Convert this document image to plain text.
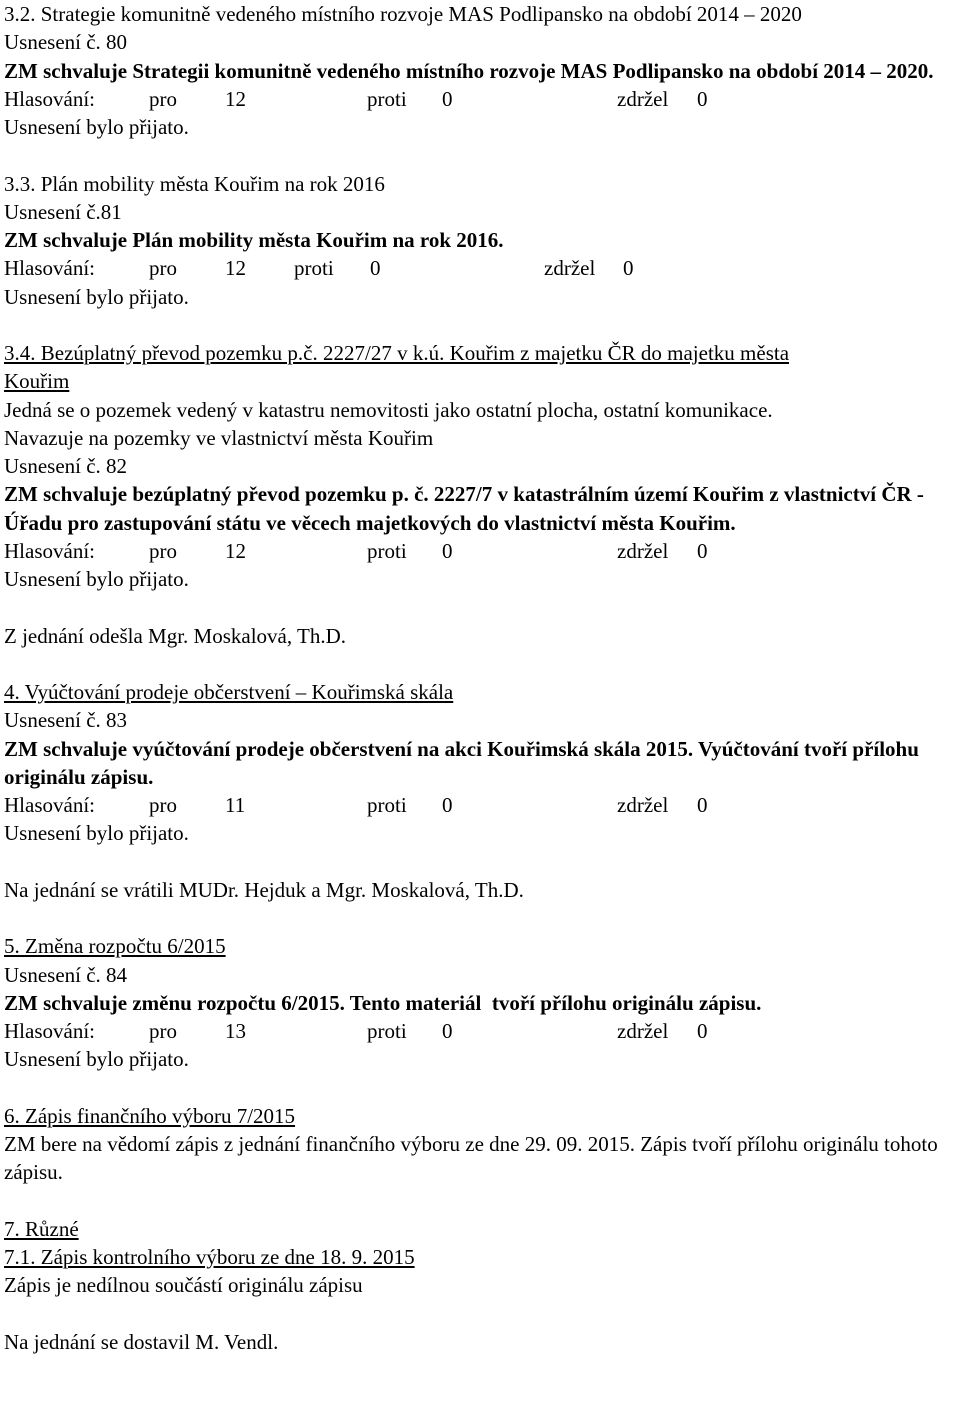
3.2. Strategie komunitně vedeného místního rozvoje MAS Podlipansko na období 2014 – 2020
Usnesení č. 80
ZM schvaluje Strategii komunitně vedeného místního rozvoje MAS Podlipansko na období 2014 – 2020.
Hlasování:	pro 12	proti 0	zdržel 0
Usnesení bylo přijato.
3.3. Plán mobility města Kouřim na rok 2016
Usnesení č.81
ZM schvaluje Plán mobility města Kouřim na rok 2016.
Hlasování:	pro 12 proti 0	zdržel 0
Usnesení bylo přijato.
3.4. Bezúplatný převod pozemku p.č. 2227/27 v k.ú. Kouřim z majetku ČR do majetku města
Kouřim
Jedná se o pozemek vedený v katastru nemovitosti jako ostatní plocha, ostatní komunikace.
Navazuje na pozemky ve vlastnictví města Kouřim
Usnesení č. 82
ZM schvaluje bezúplatný převod pozemku p. č. 2227/7 v katastrálním území Kouřim z vlastnictví ČR - Úřadu pro zastupování státu ve věcech majetkových do vlastnictví města Kouřim.
Hlasování:	pro 12	proti 0	zdržel 0
Usnesení bylo přijato.
Z jednání odešla Mgr. Moskalová, Th.D.
4. Vyúčtování prodeje občerstvení – Kouřimská skála
Usnesení č. 83
ZM schvaluje vyúčtování prodeje občerstvení na akci Kouřimská skála 2015. Vyúčtování tvoří přílohu originálu zápisu.
Hlasování:	pro 11	proti 0	zdržel 0
Usnesení bylo přijato.
Na jednání se vrátili MUDr. Hejduk a Mgr. Moskalová, Th.D.
5. Změna rozpočtu 6/2015
Usnesení č. 84
ZM schvaluje změnu rozpočtu 6/2015. Tento materiál  tvoří přílohu originálu zápisu.
Hlasování:	pro 13	proti 0	zdržel 0
Usnesení bylo přijato.
6. Zápis finančního výboru 7/2015
ZM bere na vědomí zápis z jednání finančního výboru ze dne 29. 09. 2015. Zápis tvoří přílohu originálu tohoto zápisu.
7. Různé
7.1. Zápis kontrolního výboru ze dne 18. 9. 2015
Zápis je nedílnou součástí originálu zápisu
Na jednání se dostavil M. Vendl.
